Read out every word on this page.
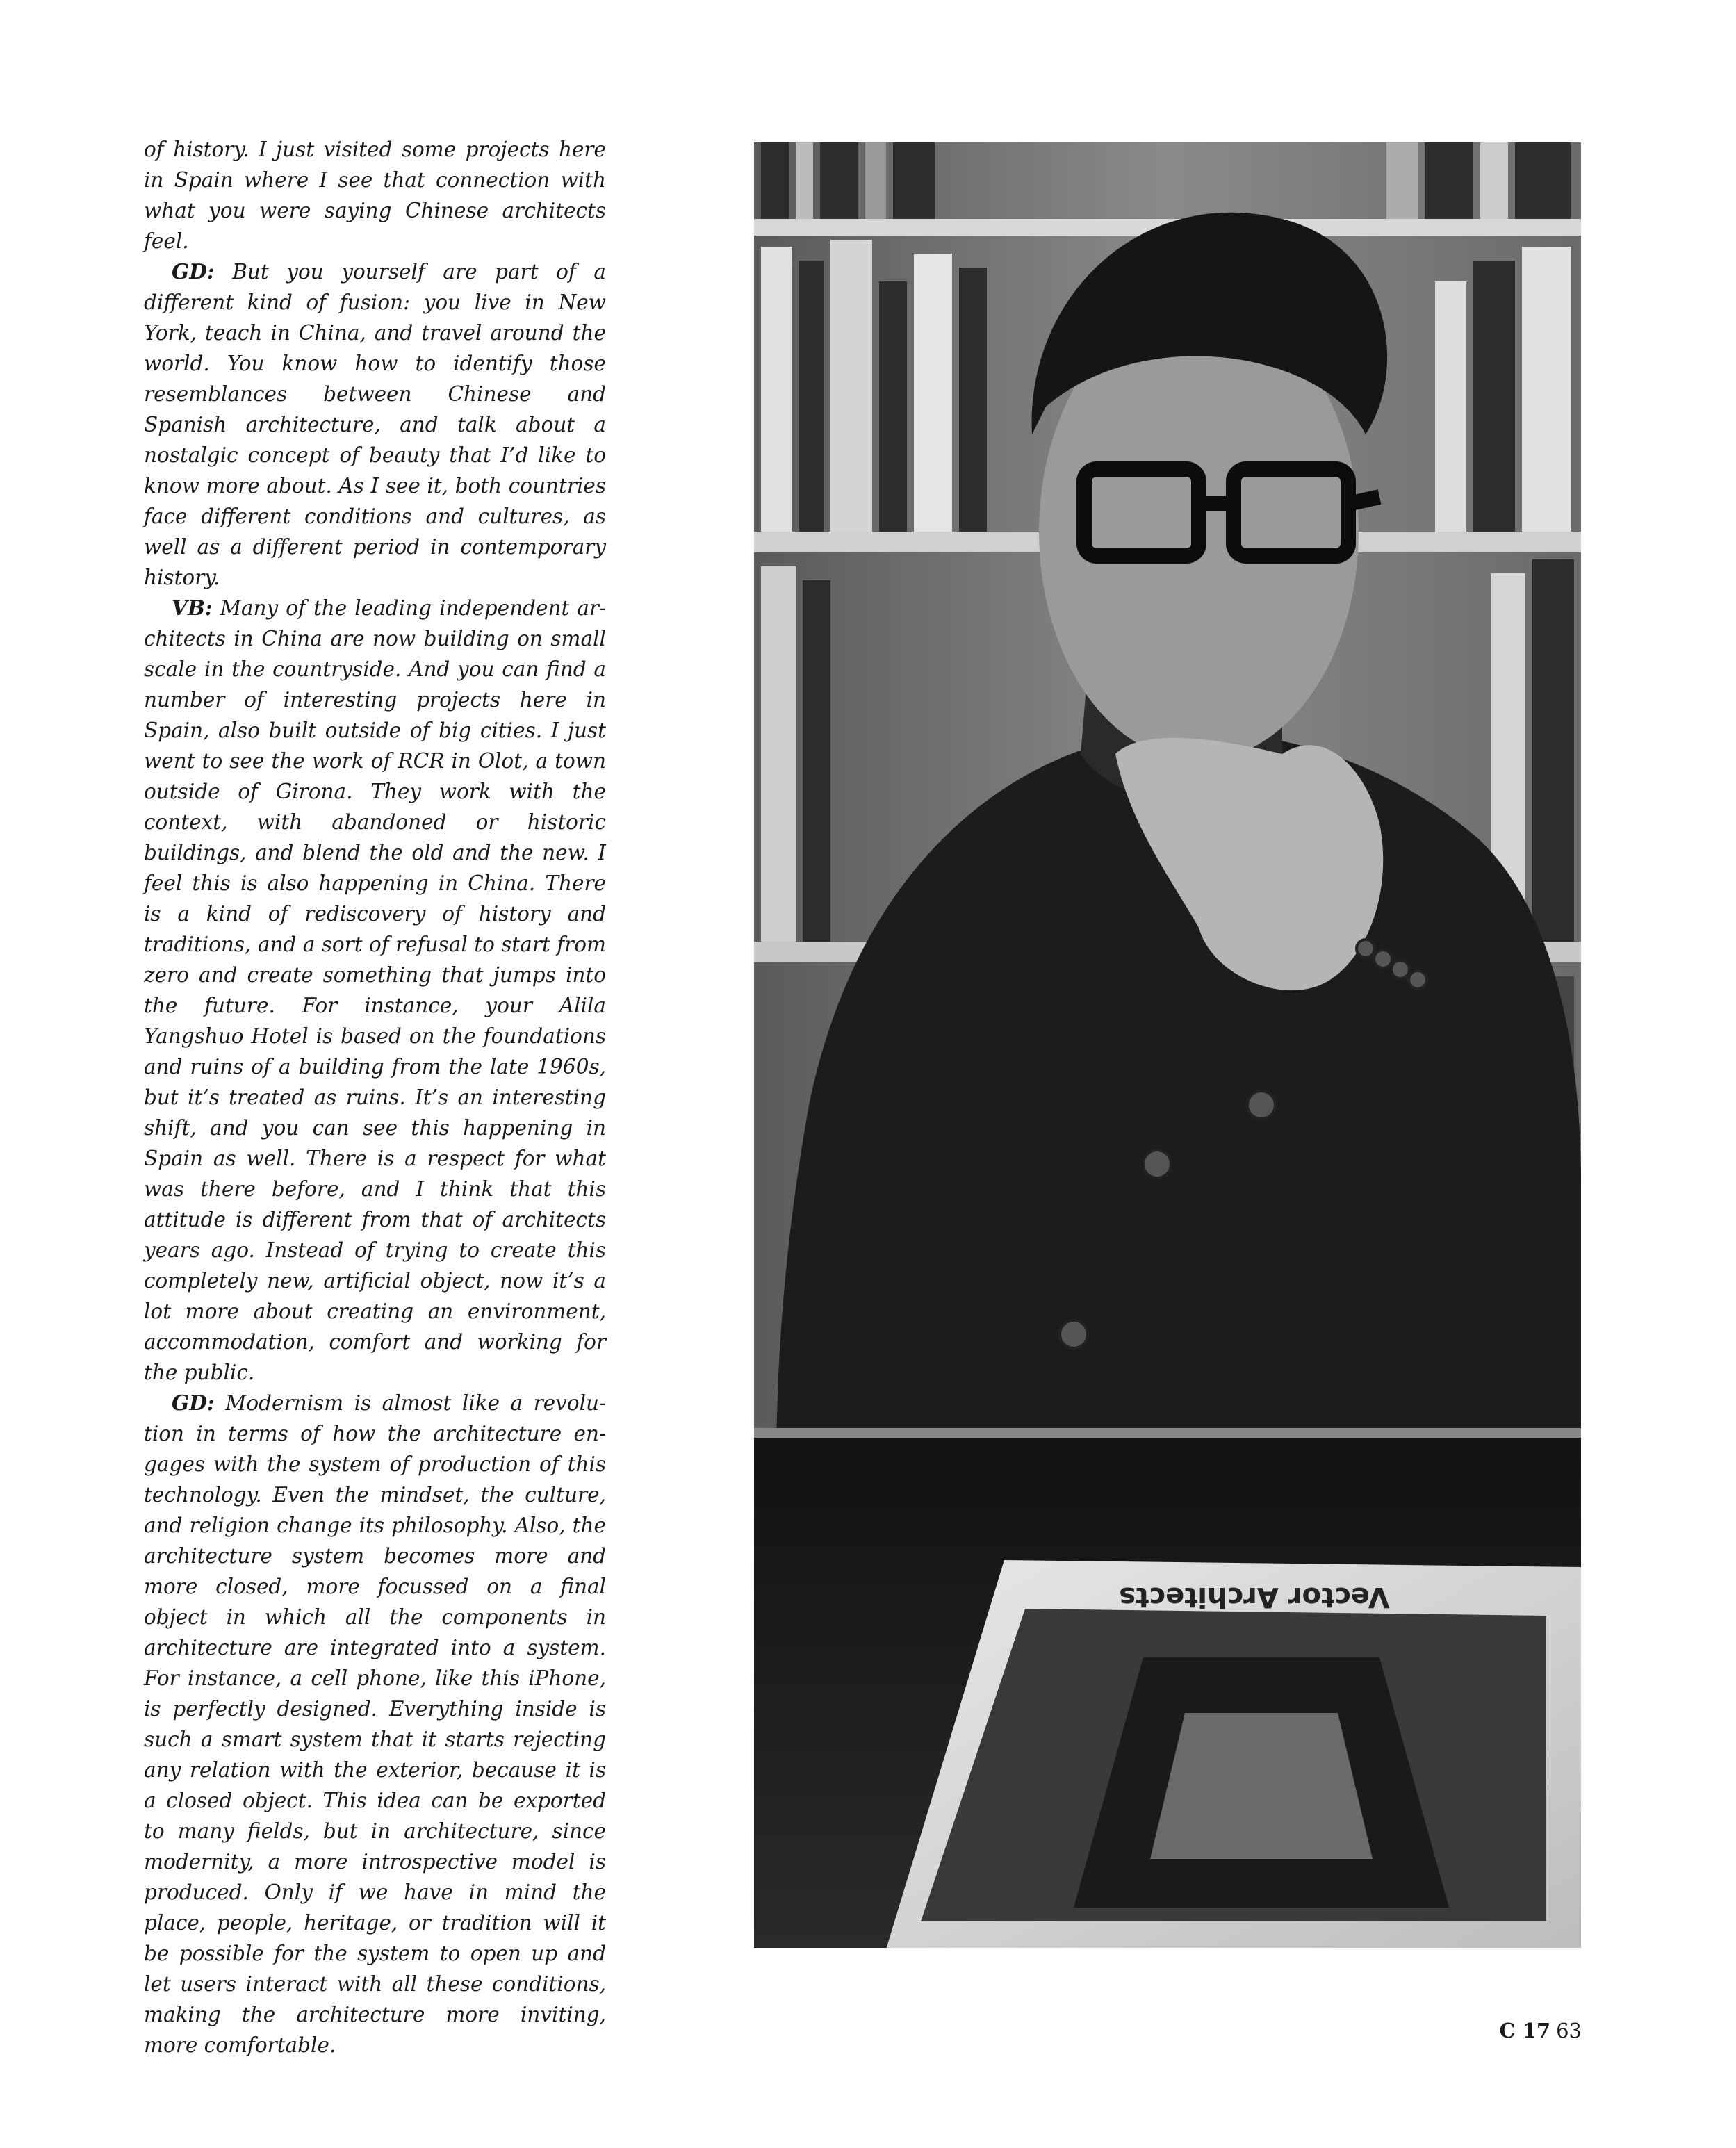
of history. I just visited some projects here in Spain where I see that connection with what you were saying Chinese architects feel.

GD: But you yourself are part of a different kind of fusion: you live in New York, teach in China, and travel around the world. You know how to identify those resemblances between Chinese and Spanish architecture, and talk about a nostalgic concept of beauty that I’d like to know more about. As I see it, both countries face different conditions and cultures, as well as a different period in contemporary history.

VB: Many of the leading independent architects in China are now building on small scale in the countryside. And you can find a number of interesting projects here in Spain, also built outside of big cities. I just went to see the work of RCR in Olot, a town outside of Girona. They work with the context, with abandoned or historic buildings, and blend the old and the new. I feel this is also happening in China. There is a kind of rediscovery of history and traditions, and a sort of refusal to start from zero and create something that jumps into the future. For instance, your Alila Yangshuo Hotel is based on the foundations and ruins of a building from the late 1960s, but it’s treated as ruins. It’s an interesting shift, and you can see this happening in Spain as well. There is a respect for what was there before, and I think that this attitude is different from that of architects years ago. Instead of trying to create this completely new, artificial object, now it’s a lot more about creating an environment, accommodation, comfort and working for the public.

GD: Modernism is almost like a revolution in terms of how the architecture engages with the system of production of this technology. Even the mindset, the culture, and religion change its philosophy. Also, the architecture system becomes more and more closed, more focussed on a final object in which all the components in architecture are integrated into a system. For instance, a cell phone, like this iPhone, is perfectly designed. Everything inside is such a smart system that it starts rejecting any relation with the exterior, because it is a closed object. This idea can be exported to many fields, but in architecture, since modernity, a more introspective model is produced. Only if we have in mind the place, people, heritage, or tradition will it be possible for the system to open up and let users interact with all these conditions, making the architecture more inviting, more comfortable.

Vector Architects
C 17 63
